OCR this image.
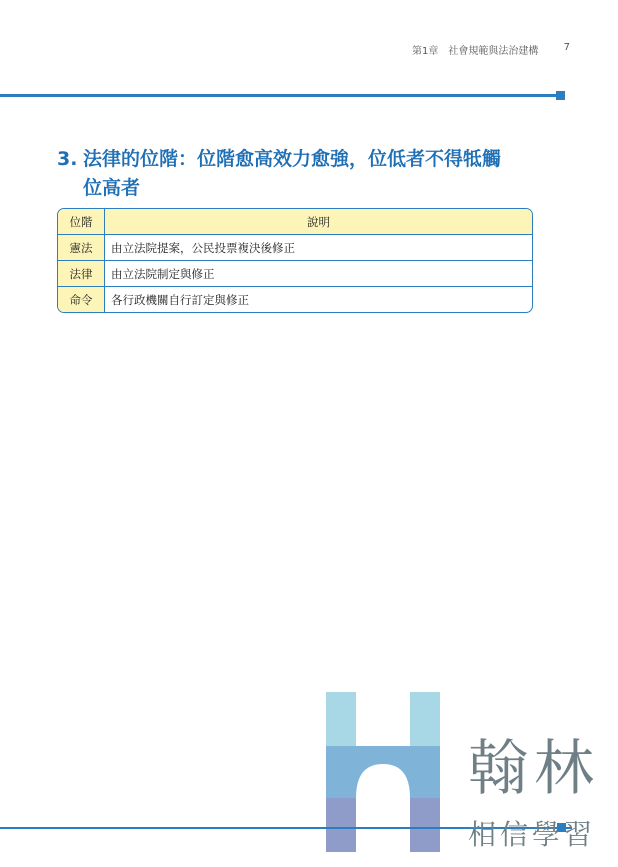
第1章　社會規範與法治建構	7
3. 法律的位階：位階愈高效力愈強，位低者不得牴觸
位高者
位階	說明
憲法	由立法院提案，公民投票複決後修正
法律	由立法院制定與修正
命令	各行政機關自行訂定與修正
翰林
相信學習
